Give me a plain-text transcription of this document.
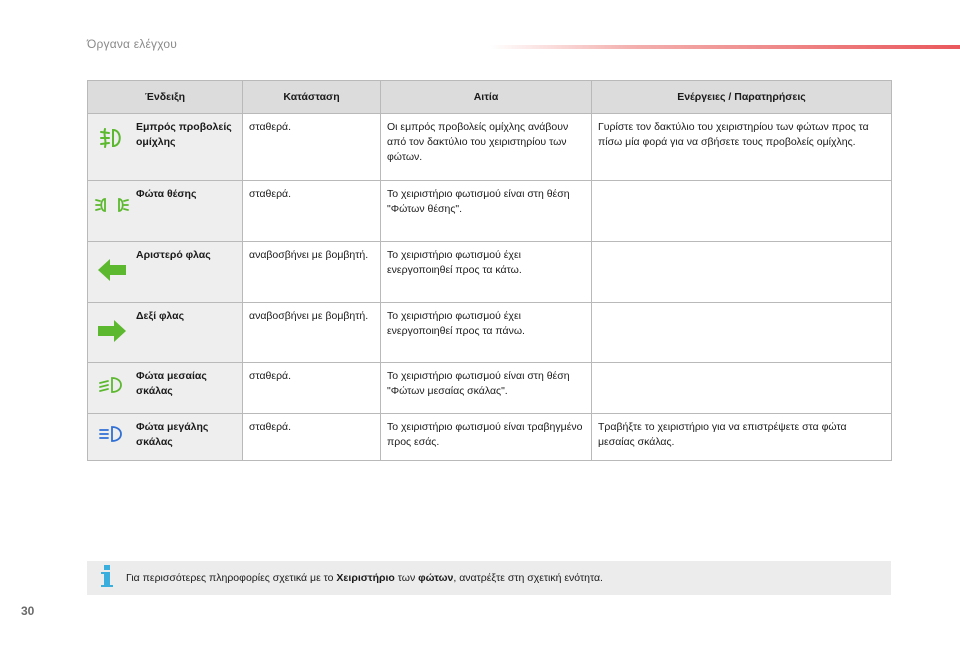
Όργανα ελέγχου
Ένδειξη	Κατάσταση	Αιτία	Ενέργειες / Παρατηρήσεις

Εμπρός προβολείς ομίχλης	σταθερά.	Οι εμπρός προβολείς ομίχλης ανάβουν από τον δακτύλιο του χειριστηρίου των φώτων.	Γυρίστε τον δακτύλιο του χειριστηρίου των φώτων προς τα πίσω μία φορά για να σβήσετε τους προβολείς ομίχλης.

Φώτα θέσης	σταθερά.	Το χειριστήριο φωτισμού είναι στη θέση "Φώτων θέσης".	

Αριστερό φλας	αναβοσβήνει με βομβητή.	Το χειριστήριο φωτισμού έχει ενεργοποιηθεί προς τα κάτω.	

Δεξί φλας	αναβοσβήνει με βομβητή.	Το χειριστήριο φωτισμού έχει ενεργοποιηθεί προς τα πάνω.	

Φώτα μεσαίας σκάλας	σταθερά.	Το χειριστήριο φωτισμού είναι στη θέση "Φώτων μεσαίας σκάλας".	

Φώτα μεγάλης σκάλας	σταθερά.	Το χειριστήριο φωτισμού είναι τραβηγμένο προς εσάς.	Τραβήξτε το χειριστήριο για να επιστρέψετε στα φώτα μεσαίας σκάλας.
Για περισσότερες πληροφορίες σχετικά με το Χειριστήριο των φώτων, ανατρέξτε στη σχετική ενότητα.
30
